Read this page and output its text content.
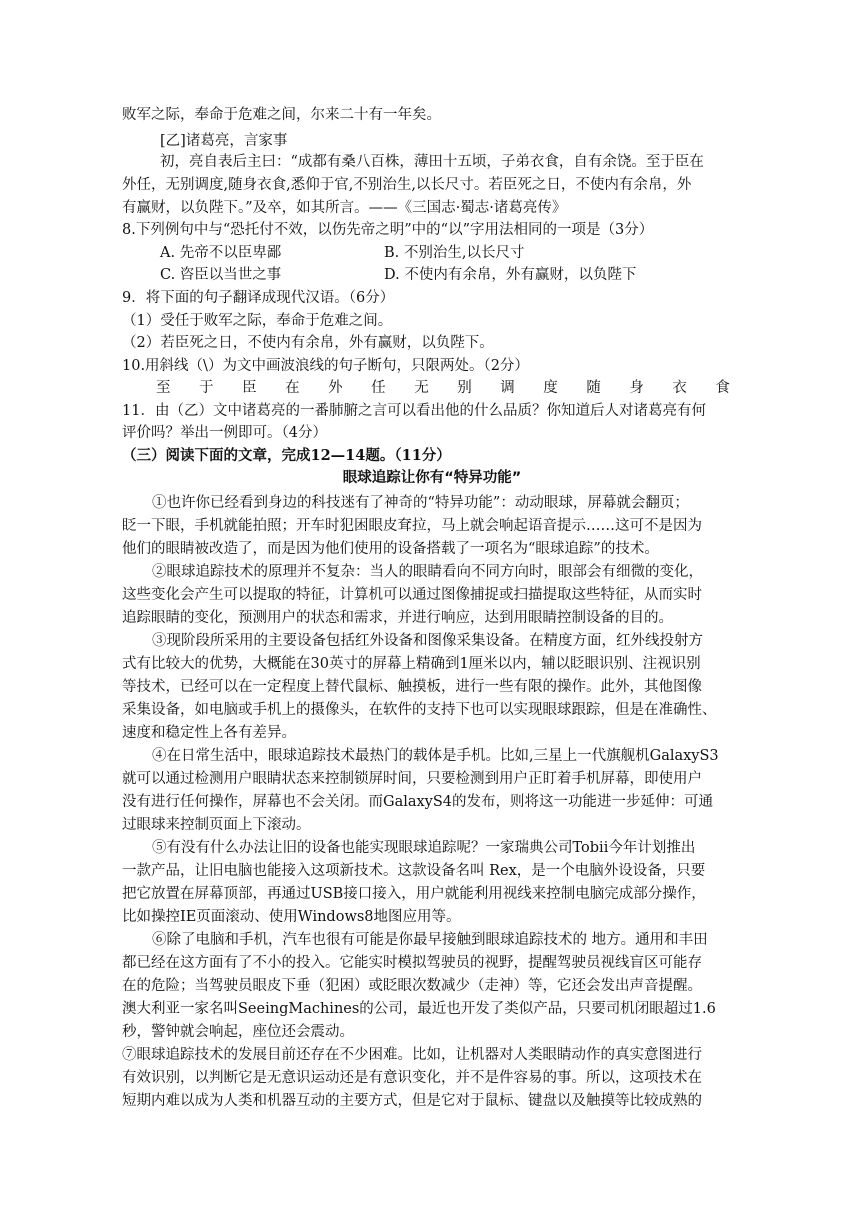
败军之际，奉命于危难之间，尔来二十有一年矣。
[乙]诸葛亮，言家事
初，亮自表后主曰：“成都有桑八百株，薄田十五顷，子弟衣食，自有余饶。至于臣在
外任，无别调度,随身衣食,悉仰于官,不别治生,以长尺寸。若臣死之日，不使内有余帛，外
有赢财，以负陛下。”及卒，如其所言。——《三国志·蜀志·诸葛亮传》
8.下列例句中与“恐托付不效，以伤先帝之明”中的“以”字用法相同的一项是（3分）
A. 先帝不以臣卑鄙	B. 不别治生,以长尺寸
C. 咨臣以当世之事	D. 不使内有余帛，外有赢财，以负陛下
9．将下面的句子翻译成现代汉语。（6分）
（1）受任于败军之际，奉命于危难之间。
（2）若臣死之日，不使内有余帛，外有赢财，以负陛下。
10.用斜线（\）为文中画波浪线的句子断句，只限两处。（2分）
至 于 臣 在 外 任 无 别 调 度 随 身 衣 食
11．由（乙）文中诸葛亮的一番肺腑之言可以看出他的什么品质？你知道后人对诸葛亮有何
评价吗？举出一例即可。（4分）
（三）阅读下面的文章，完成12—14题。（11分）
眼球追踪让你有“特异功能”
①也许你已经看到身边的科技迷有了神奇的“特异功能”：动动眼球，屏幕就会翻页；
眨一下眼，手机就能拍照；开车时犯困眼皮耷拉，马上就会响起语音提示……这可不是因为
他们的眼睛被改造了，而是因为他们使用的设备搭载了一项名为“眼球追踪”的技术。
②眼球追踪技术的原理并不复杂：当人的眼睛看向不同方向时，眼部会有细微的变化，
这些变化会产生可以提取的特征，计算机可以通过图像捕捉或扫描提取这些特征，从而实时
追踪眼睛的变化，预测用户的状态和需求，并进行响应，达到用眼睛控制设备的目的。
③现阶段所采用的主要设备包括红外设备和图像采集设备。在精度方面，红外线投射方
式有比较大的优势，大概能在30英寸的屏幕上精确到1厘米以内，辅以眨眼识别、注视识别
等技术，已经可以在一定程度上替代鼠标、触摸板，进行一些有限的操作。此外，其他图像
采集设备，如电脑或手机上的摄像头，在软件的支持下也可以实现眼球跟踪，但是在准确性、
速度和稳定性上各有差异。
④在日常生活中，眼球追踪技术最热门的载体是手机。比如,三星上一代旗舰机GalaxyS3
就可以通过检测用户眼睛状态来控制锁屏时间，只要检测到用户正盯着手机屏幕，即使用户
没有进行任何操作，屏幕也不会关闭。而GalaxyS4的发布，则将这一功能进一步延伸：可通
过眼球来控制页面上下滚动。
⑤有没有什么办法让旧的设备也能实现眼球追踪呢？一家瑞典公司Tobii今年计划推出
一款产品，让旧电脑也能接入这项新技术。这款设备名叫 Rex，是一个电脑外设设备，只要
把它放置在屏幕顶部，再通过USB接口接入，用户就能利用视线来控制电脑完成部分操作，
比如操控IE页面滚动、使用Windows8地图应用等。
⑥除了电脑和手机，汽车也很有可能是你最早接触到眼球追踪技术的 地方。通用和丰田
都已经在这方面有了不小的投入。它能实时模拟驾驶员的视野，提醒驾驶员视线盲区可能存
在的危险；当驾驶员眼皮下垂（犯困）或眨眼次数减少（走神）等，它还会发出声音提醒。
澳大利亚一家名叫SeeingMachines的公司，最近也开发了类似产品，只要司机闭眼超过1.6
秒，警钟就会响起，座位还会震动。
⑦眼球追踪技术的发展目前还存在不少困难。比如，让机器对人类眼睛动作的真实意图进行
有效识别，以判断它是无意识运动还是有意识变化，并不是件容易的事。所以，这项技术在
短期内难以成为人类和机器互动的主要方式，但是它对于鼠标、键盘以及触摸等比较成熟的
